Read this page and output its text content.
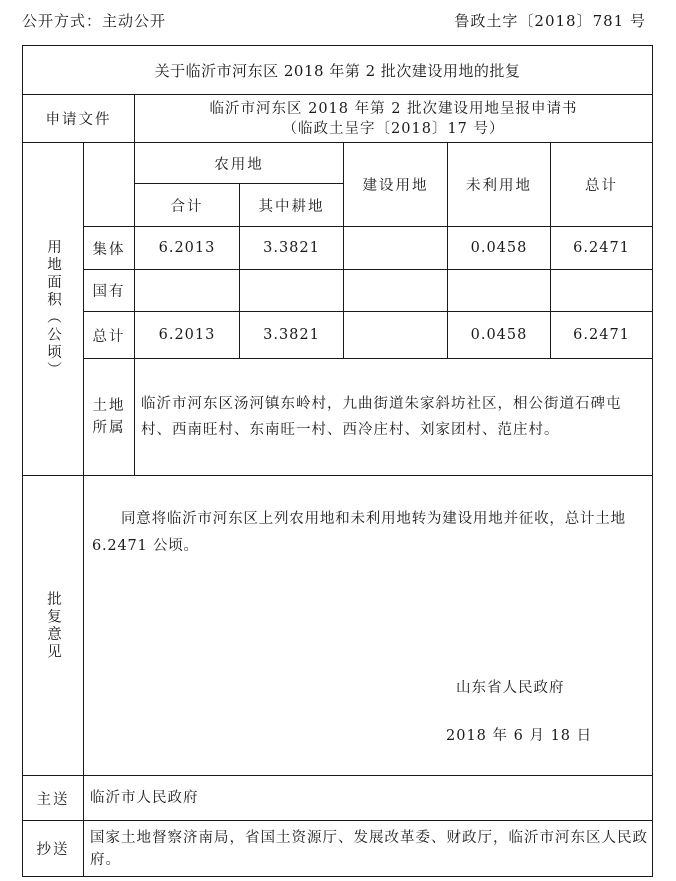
公开方式：主动公开	鲁政土字〔2018〕781 号
关于临沂市河东区 2018 年第 2 批次建设用地的批复						
申请文件		临沂市河东区 2018 年第 2 批次建设用地呈报申请书
（临政土呈字〔2018〕17 号）				

用地面积（公顷）		农用地		建设用地	未利用地	总计
		合计	其中耕地			
	集体	6.2013	3.3821		0.0458	6.2471
	国有					
	总计	6.2013	3.3821		0.0458	6.2471

	土地所属	临沂市河东区汤河镇东岭村，九曲街道朱家斜坊社区，相公街道石碑屯村、西南旺村、东南旺一村、西冷庄村、刘家团村、范庄村。				

批复意见	同意将临沂市河东区上列农用地和未利用地转为建设用地并征收，总计土地 6.2471 公顷。
山东省人民政府
2018 年 6 月 18 日					

主送	临沂市人民政府					
抄送	国家土地督察济南局，省国土资源厅、发展改革委、财政厅，临沂市河东区人民政府。					
